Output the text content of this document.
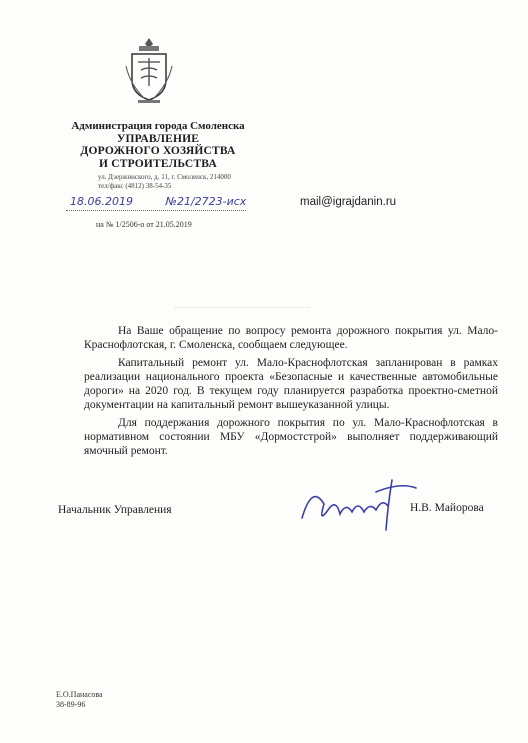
Администрация города Смоленска
УПРАВЛЕНИЕ
ДОРОЖНОГО ХОЗЯЙСТВА
И СТРОИТЕЛЬСТВА
ул. Дзержинского, д. 11, г. Смоленск, 214000
тел/факс (4812) 38-54-35
18.06.2019	№21/2723-исх
на № 1/2506-о от 21.05.2019
mail@igrajdanin.ru

На Ваше обращение по вопросу ремонта дорожного покрытия ул. Мало-Краснофлотская, г. Смоленска, сообщаем следующее.

Капитальный ремонт ул. Мало-Краснофлотская запланирован в рамках реализации национального проекта «Безопасные и качественные автомобильные дороги» на 2020 год. В текущем году планируется разработка проектно-сметной документации на капитальный ремонт вышеуказанной улицы.

Для поддержания дорожного покрытия по ул. Мало-Краснофлотская в нормативном состоянии МБУ «Дормостстрой» выполняет поддерживающий ямочный ремонт.

Начальник Управления	Н.В. Майорова
Е.О.Панасова
38-89-96
